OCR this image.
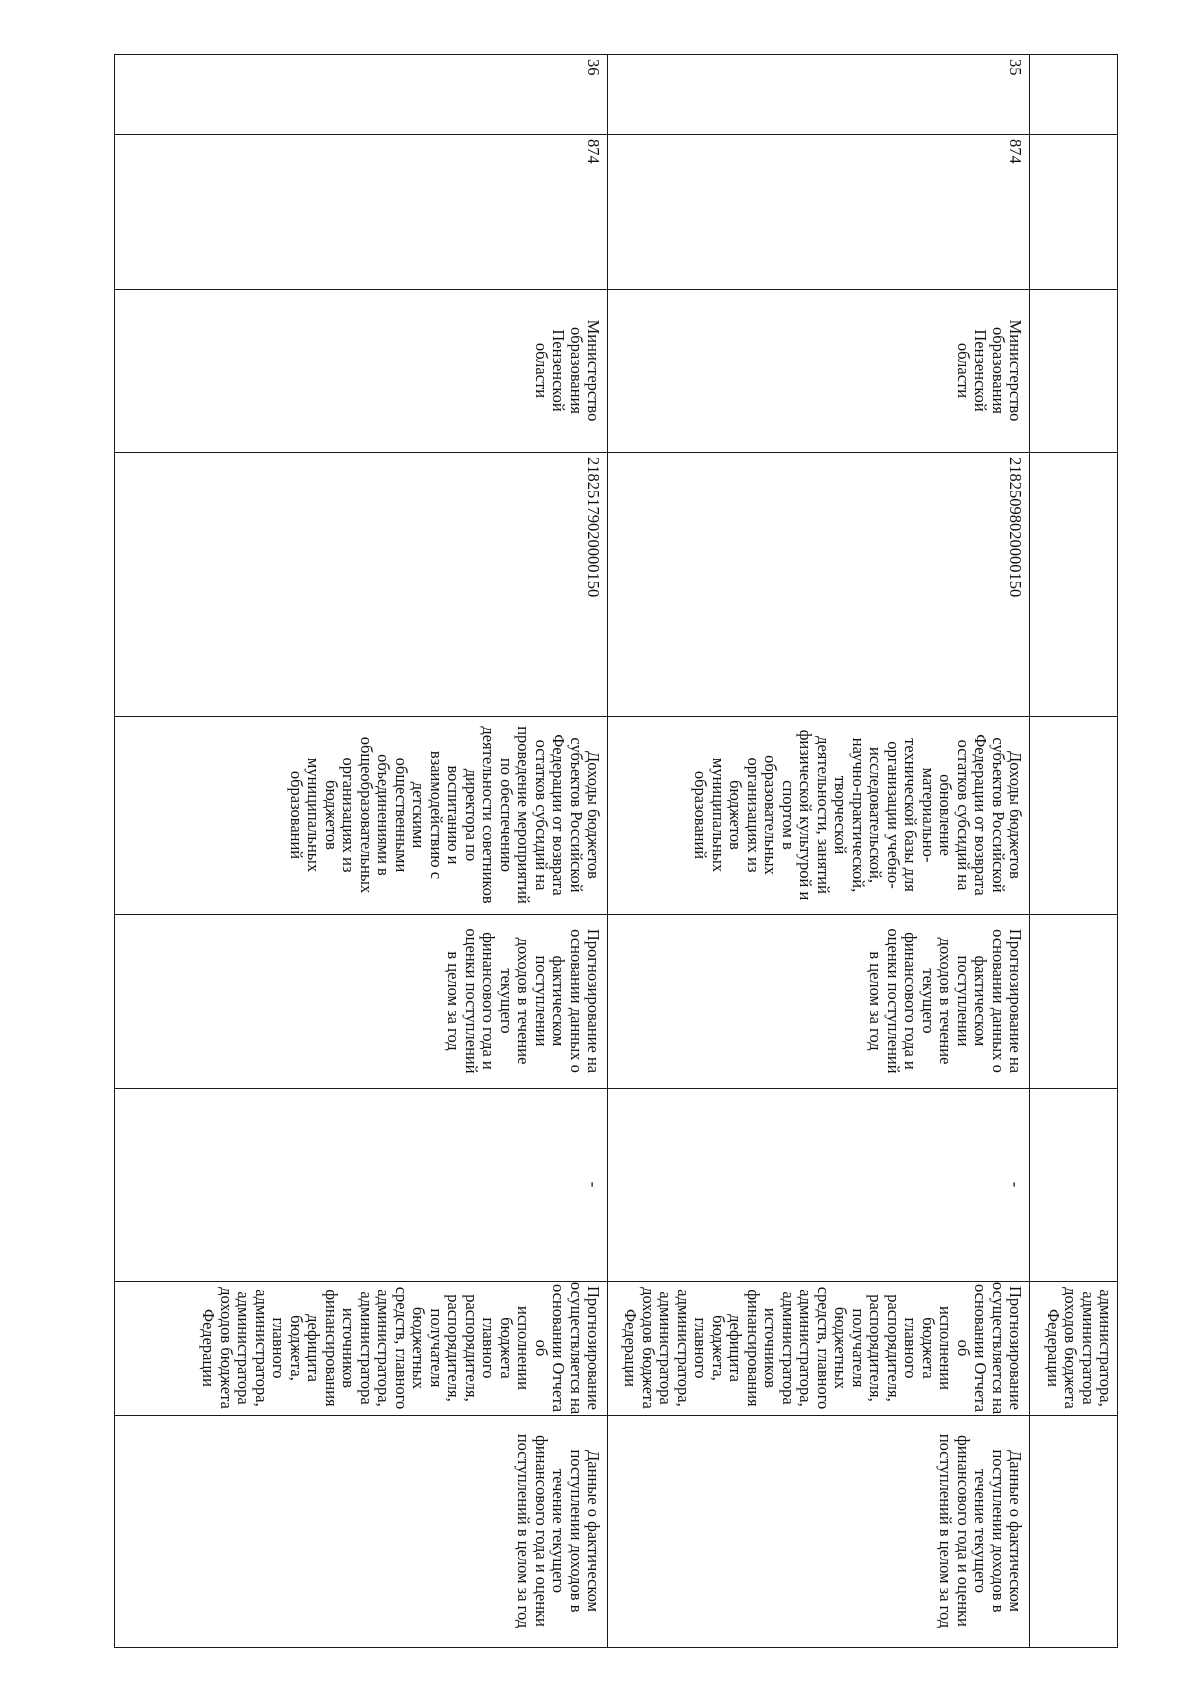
администратора,
администратора
доходов бюджета
Федерации
35
874
Министерство
образования
Пензенской
области
21825098020000150
Доходы бюджетов
субъектов Российской
Федерации от возврата
остатков субсидий на
обновление
материально-
технической базы для
организации учебно-
исследовательской,
научно-практической,
творческой
деятельности, занятий
физической культурой и
спортом в
образовательных
организациях из
бюджетов
муниципальных
образований
Прогнозирование на
основании данных о
фактическом
поступлении
доходов в течение
текущего
финансового года и
оценки поступлений
в целом за год
-
Прогнозирование
осуществляется на
основании Отчета об
исполнении бюджета
главного
распорядителя,
распорядителя,
получателя бюджетных
средств, главного
администратора,
администратора
источников
финансирования
дефицита бюджета,
главного
администратора,
администратора
доходов бюджета
Федерации
Данные о фактическом
поступлении доходов в
течение текущего
финансового года и оценки
поступлений в целом за год
36
874
Министерство
образования
Пензенской
области
21825179020000150
Доходы бюджетов
субъектов Российской
Федерации от возврата
остатков субсидий на
проведение мероприятий
по обеспечению
деятельности советников
директора по
воспитанию и
взаимодействию с
детскими
общественными
объединениями в
общеобразовательных
организациях из
бюджетов
муниципальных
образований
Прогнозирование на
основании данных о
фактическом
поступлении
доходов в течение
текущего
финансового года и
оценки поступлений
в целом за год
-
Прогнозирование
осуществляется на
основании Отчета об
исполнении бюджета
главного
распорядителя,
распорядителя,
получателя бюджетных
средств, главного
администратора,
администратора
источников
финансирования
дефицита бюджета,
главного
администратора,
администратора
доходов бюджета
Федерации
Данные о фактическом
поступлении доходов в
течение текущего
финансового года и оценки
поступлений в целом за год
